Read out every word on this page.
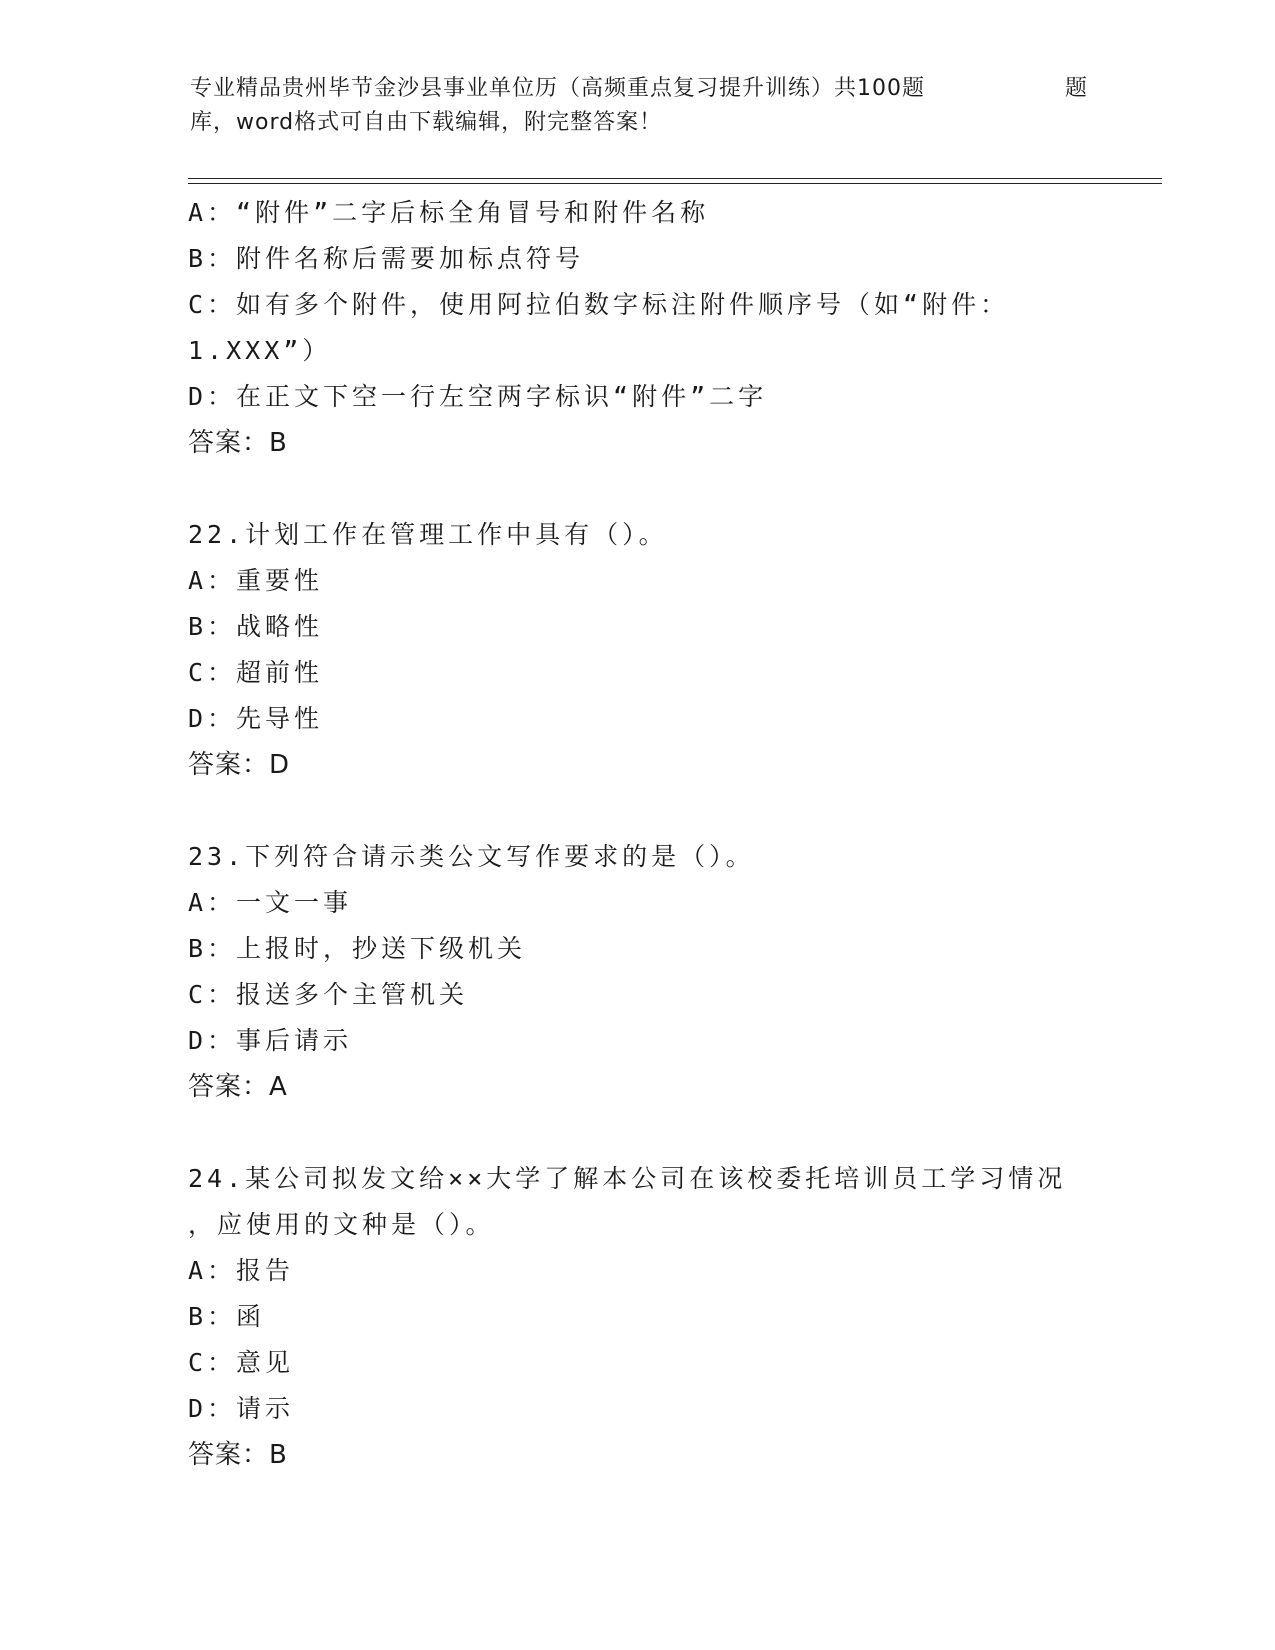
专业精品贵州毕节金沙县事业单位历（高频重点复习提升训练）共100题	题
库，word格式可自由下载编辑，附完整答案！
A：“附件”二字后标全角冒号和附件名称
B：附件名称后需要加标点符号
C：如有多个附件，使用阿拉伯数字标注附件顺序号（如“附件：
1.XXX”）
D：在正文下空一行左空两字标识“附件”二字
答案：B
22.计划工作在管理工作中具有（）。
A：重要性
B：战略性
C：超前性
D：先导性
答案：D
23.下列符合请示类公文写作要求的是（）。
A：一文一事
B：上报时，抄送下级机关
C：报送多个主管机关
D：事后请示
答案：A
24.某公司拟发文给××大学了解本公司在该校委托培训员工学习情况
，应使用的文种是（）。
A：报告
B：函
C：意见
D：请示
答案：B
